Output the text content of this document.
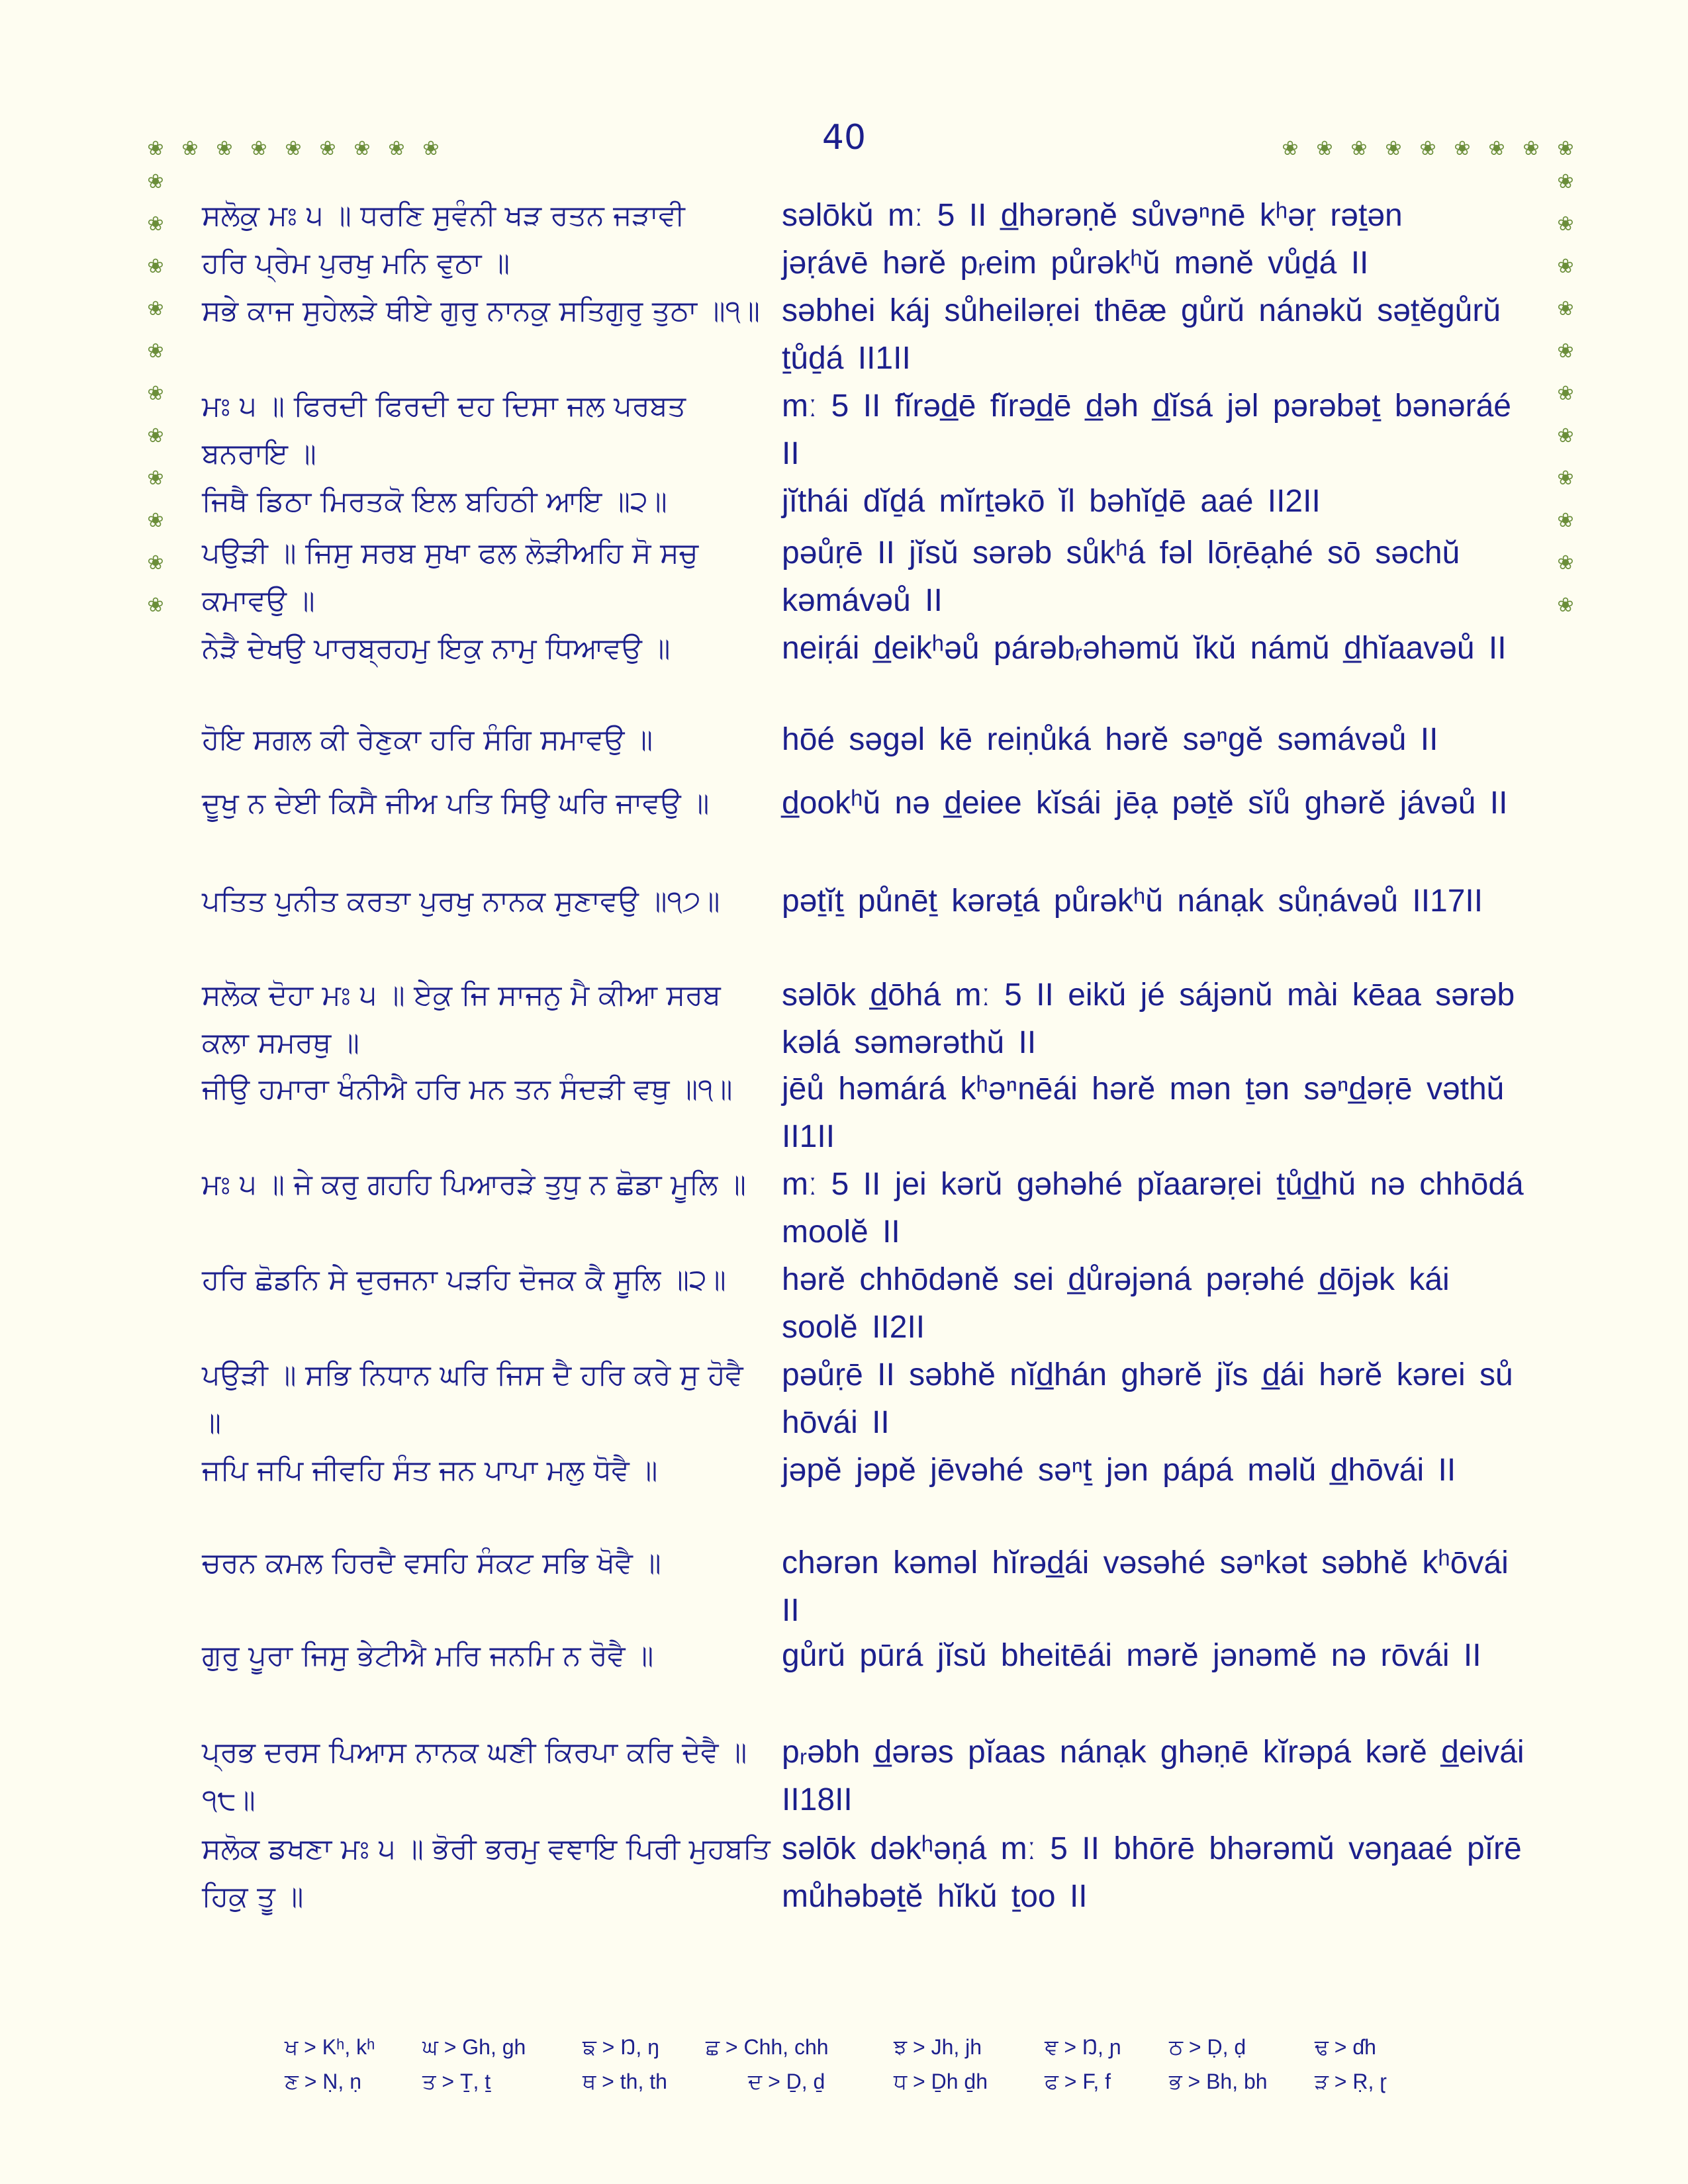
40
❀ ❀ ❀ ❀ ❀ ❀ ❀ ❀ ❀	❀ ❀ ❀ ❀ ❀ ❀ ❀ ❀ ❀
❀
❀
❀
❀
❀
❀
❀
❀
❀
❀
❀
❀
❀
❀
❀
❀
❀
❀
❀
❀
❀
❀
ਸਲੋਕੁ ਮਃ ੫ ॥ ਧਰਣਿ ਸੁਵੰਨੀ ਖੜ ਰਤਨ ਜੜਾਵੀ	səlōkŭ mː 5 II d̲hərəṇĕ sůvəⁿnē kʰəṛ rəṯən
ਹਰਿ ਪ੍ਰੇਮ ਪੁਰਖੁ ਮਨਿ ਵੁਠਾ ॥	jəṛávē hərĕ pᵣeim půrəkʰŭ mənĕ vůḏá II
ਸਭੇ ਕਾਜ ਸੁਹੇਲੜੇ ਥੀਏ ਗੁਰੁ ਨਾਨਕੁ ਸਤਿਗੁਰੁ ਤੁਠਾ ॥੧॥ səbhei káj sůheiləṛei thēæ gůrŭ nánəkŭ səṯĕgůrŭ ṯůḏá II1II
ਮਃ ੫ ॥ ਫਿਰਦੀ ਫਿਰਦੀ ਦਹ ਦਿਸਾ ਜਲ ਪਰਬਤ ਬਨਰਾਇ ॥
mː 5 II fĭrəd̲ē fĭrəd̲ē d̲əh d̲ĭsá jəl pərəbəṯ bənəráé II
ਜਿਥੈ ਡਿਠਾ ਮਿਰਤਕੋ ਇਲ ਬਹਿਠੀ ਆਇ ॥੨॥	jĭthái dĭḏá mĭrṯəkō ĭl bəhĭḏē aaé II2II
ਪਉੜੀ ॥ ਜਿਸੁ ਸਰਬ ਸੁਖਾ ਫਲ ਲੋੜੀਅਹਿ ਸੋ ਸਚੁ ਕਮਾਵਉ ॥
pəůṛē II jĭsŭ sərəb sůkʰá fəl lōṛēạhé sō səchŭ kəmávəů II
ਨੇੜੈ ਦੇਖਉ ਪਾਰਬ੍ਰਹਮੁ ਇਕੁ ਨਾਮੁ ਧਿਆਵਉ ॥	neiṛái d̲eikʰəů párəbᵣəhəmŭ ĭkŭ námŭ d̲hĭaavəů II
ਹੋਇ ਸਗਲ ਕੀ ਰੇਣੁਕਾ ਹਰਿ ਸੰਗਿ ਸਮਾਵਉ ॥	hōé səgəl kē reiṇůká hərĕ səⁿgĕ səmávəů II
ਦੂਖੁ ਨ ਦੇਈ ਕਿਸੈ ਜੀਅ ਪਤਿ ਸਿਉ ਘਰਿ ਜਾਵਉ ॥	d̲ookʰŭ nə d̲eiee kĭsái jēạ pəṯĕ sĭů ghərĕ jávəů II
ਪਤਿਤ ਪੁਨੀਤ ਕਰਤਾ ਪੁਰਖੁ ਨਾਨਕ ਸੁਣਾਵਉ ॥੧੭॥	pəṯĭṯ půnēṯ kərəṯá půrəkʰŭ nánạk sůṇávəů II17II
ਸਲੋਕ ਦੋਹਾ ਮਃ ੫ ॥ ਏਕੁ ਜਿ ਸਾਜਨੁ ਮੈ ਕੀਆ ਸਰਬ ਕਲਾ ਸਮਰਥੁ ॥
səlōk d̲ōhá mː 5 II eikŭ jé sájənŭ mài kēaa sərəb kəlá səmərəthŭ II
ਜੀਉ ਹਮਾਰਾ ਖੰਨੀਐ ਹਰਿ ਮਨ ਤਨ ਸੰਦੜੀ ਵਥੁ ॥੧॥	jēů həmárá kʰəⁿnēái hərĕ mən ṯən səⁿd̲əṛē vəthŭ II1II
ਮਃ ੫ ॥ ਜੇ ਕਰੁ ਗਹਹਿ ਪਿਆਰੜੇ ਤੁਧੁ ਨ ਛੋਡਾ ਮੂਲਿ ॥	mː 5 II jei kərŭ gəhəhé pĭaarəṛei ṯůd̲hŭ nə chhōdá moolĕ II
ਹਰਿ ਛੋਡਨਿ ਸੇ ਦੁਰਜਨਾ ਪੜਹਿ ਦੋਜਕ ਕੈ ਸੂਲਿ ॥੨॥	hərĕ chhōdənĕ sei d̲ůrəjəná pəṛəhé d̲ōjək kái soolĕ II2II
ਪਉੜੀ ॥ ਸਭਿ ਨਿਧਾਨ ਘਰਿ ਜਿਸ ਦੈ ਹਰਿ ਕਰੇ ਸੁ ਹੋਵੈ ॥
pəůṛē II səbhĕ nĭd̲hán ghərĕ jĭs d̲ái hərĕ kərei sů hōvái II
ਜਪਿ ਜਪਿ ਜੀਵਹਿ ਸੰਤ ਜਨ ਪਾਪਾ ਮਲੁ ਧੋਵੈ ॥	jəpĕ jəpĕ jēvəhé səⁿṯ jən pápá məlŭ d̲hōvái II
ਚਰਨ ਕਮਲ ਹਿਰਦੈ ਵਸਹਿ ਸੰਕਟ ਸਭਿ ਖੋਵੈ ॥	chərən kəməl hĭrəd̲ái vəsəhé səⁿkət səbhĕ kʰōvái II
ਗੁਰੁ ਪੂਰਾ ਜਿਸੁ ਭੇਟੀਐ ਮਰਿ ਜਨਮਿ ਨ ਰੋਵੈ ॥	gůrŭ pūrá jĭsŭ bheitēái mərĕ jənəmĕ nə rōvái II
ਪ੍ਰਭ ਦਰਸ ਪਿਆਸ ਨਾਨਕ ਘਣੀ ਕਿਰਪਾ ਕਰਿ ਦੇਵੈ ॥੧੮॥
pᵣəbh d̲ərəs pĭaas nánạk ghəṇē kĭrəpá kərĕ d̲eivái II18II
ਸਲੋਕ ਡਖਣਾ ਮਃ ੫ ॥ ਭੋਰੀ ਭਰਮੁ ਵਞਾਇ ਪਿਰੀ ਮੁਹਬਤਿ ਹਿਕੁ ਤੂ ॥
səlōk dəkʰəṇá mː 5 II bhōrē bhərəmŭ vəŋaaé pĭrē můhəbəṯĕ hĭkŭ ṯoo II
ਖ > Kʰ, kʰ ਘ > Gh, gh	ਙ > Ŋ, ŋ ਛ > Chh, chh	ਝ > Jh, jh	ਞ > Ŋ, ɲ ਠ > Ḍ, ḍ	ਢ > ɗh
ਣ > Ṇ, ṇ	ਤ > Ṯ, ṯ	ਥ > th, th	ਦ > Ḏ, ḏ	ਧ > Ḏh ḏh	ਫ > F, f	ਭ > Bh, bh ੜ > Ṛ, ɽ
